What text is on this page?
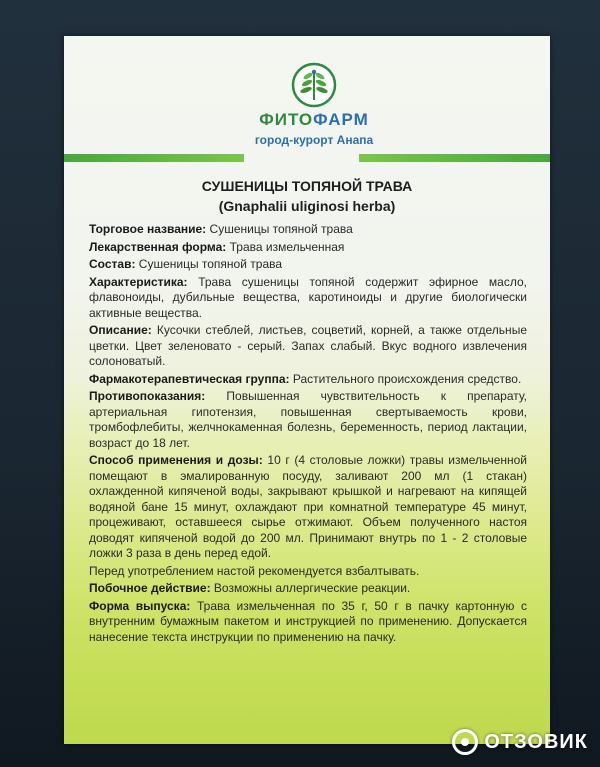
ФИТОФАРМ
город-курорт Анапа
СУШЕНИЦЫ ТОПЯНОЙ ТРАВА
(Gnaphalii uliginosi herba)

Торговое название: Сушеницы топяной трава

Лекарственная форма: Трава измельченная

Состав: Сушеницы топяной трава

Характеристика: Трава сушеницы топяной содержит эфирное масло, флавоноиды, дубильные вещества, каротиноиды и другие биологически активные вещества.

Описание: Кусочки стеблей, листьев, соцветий, корней, а также отдельные цветки. Цвет зеленовато - серый. Запах слабый. Вкус водного извлечения солоноватый.

Фармакотерапевтическая группа: Растительного происхождения средство.

Противопоказания: Повышенная чувствительность к препарату, артериальная гипотензия, повышенная свертываемость крови, тромбофлебиты, желчнокаменная болезнь, беременность, период лактации, возраст до 18 лет.

Способ применения и дозы: 10 г (4 столовые ложки) травы измельченной помещают в эмалированную посуду, заливают 200 мл (1 стакан) охлажденной кипяченой воды, закрывают крышкой и нагревают на кипящей водяной бане 15 минут, охлаждают при комнатной температуре 45 минут, процеживают, оставшееся сырье отжимают. Объем полученного настоя доводят кипяченой водой до 200 мл. Принимают внутрь по 1 - 2 столовые ложки 3 раза в день перед едой.

Перед употреблением настой рекомендуется взбалтывать.

Побочное действие: Возможны аллергические реакции.

Форма выпуска: Трава измельченная по 35 г, 50 г в пачку картонную с внутренним бумажным пакетом и инструкцией по применению. Допускается нанесение текста инструкции по применению на пачку.

ОТЗОВИК
